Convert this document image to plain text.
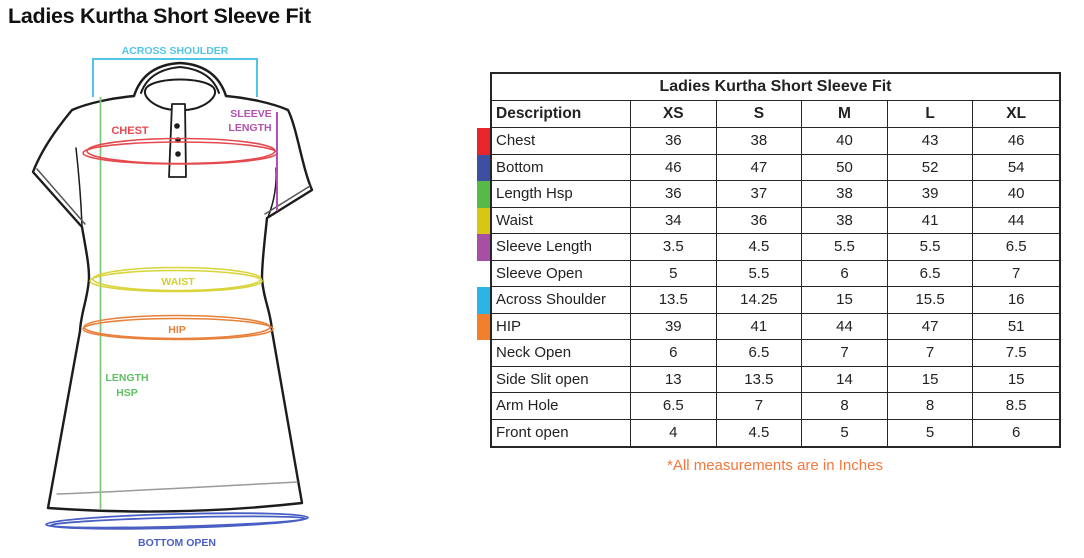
Ladies Kurtha Short Sleeve Fit
ACROSS SHOULDER
LENGTH
HSP
CHEST
SLEEVE
LENGTH
WAIST
HIP
BOTTOM OPEN
Ladies Kurtha Short Sleeve Fit
Description	XS	S	M	L	XL
Chest	36	38	40	43	46
Bottom	46	47	50	52	54
Length Hsp	36	37	38	39	40
Waist	34	36	38	41	44
Sleeve Length	3.5	4.5	5.5	5.5	6.5
Sleeve Open	5	5.5	6	6.5	7
Across Shoulder	13.5	14.25	15	15.5	16
HIP	39	41	44	47	51
Neck Open	6	6.5	7	7	7.5
Side Slit open	13	13.5	14	15	15
Arm Hole	6.5	7	8	8	8.5
Front open	4	4.5	5	5	6
*All measurements are in Inches
